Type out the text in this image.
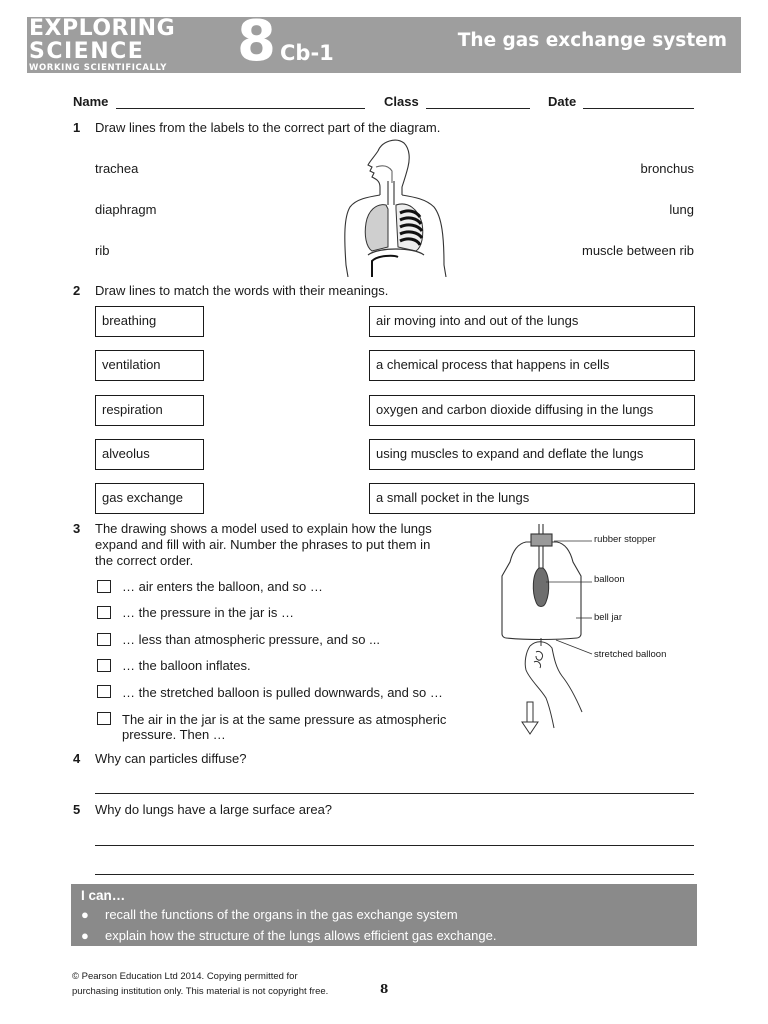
EXPLORING
SCIENCE
WORKING SCIENTIFICALLY	8 Cb-1
The gas exchange system
Name	Class	Date
1 Draw lines from the labels to the correct part of the diagram.
trachea
diaphragm
rib
bronchus
lung
muscle between rib
2 Draw lines to match the words with their meanings.
breathing
ventilation
respiration
alveolus
gas exchange
air moving into and out of the lungs
a chemical process that happens in cells
oxygen and carbon dioxide diffusing in the lungs
using muscles to expand and deflate the lungs
a small pocket in the lungs
3 The drawing shows a model used to explain how the lungs
expand and fill with air. Number the phrases to put them in
the correct order.
… air enters the balloon, and so …
… the pressure in the jar is …
… less than atmospheric pressure, and so ...
… the balloon inflates.
… the stretched balloon is pulled downwards, and so …
The air in the jar is at the same pressure as atmospheric
pressure. Then …
rubber stopper
balloon
bell jar
stretched balloon
4 Why can particles diffuse?
5 Why do lungs have a large surface area?
I can…
● recall the functions of the organs in the gas exchange system
● explain how the structure of the lungs allows efficient gas exchange.
© Pearson Education Ltd 2014. Copying permitted for
purchasing institution only. This material is not copyright free.	8
